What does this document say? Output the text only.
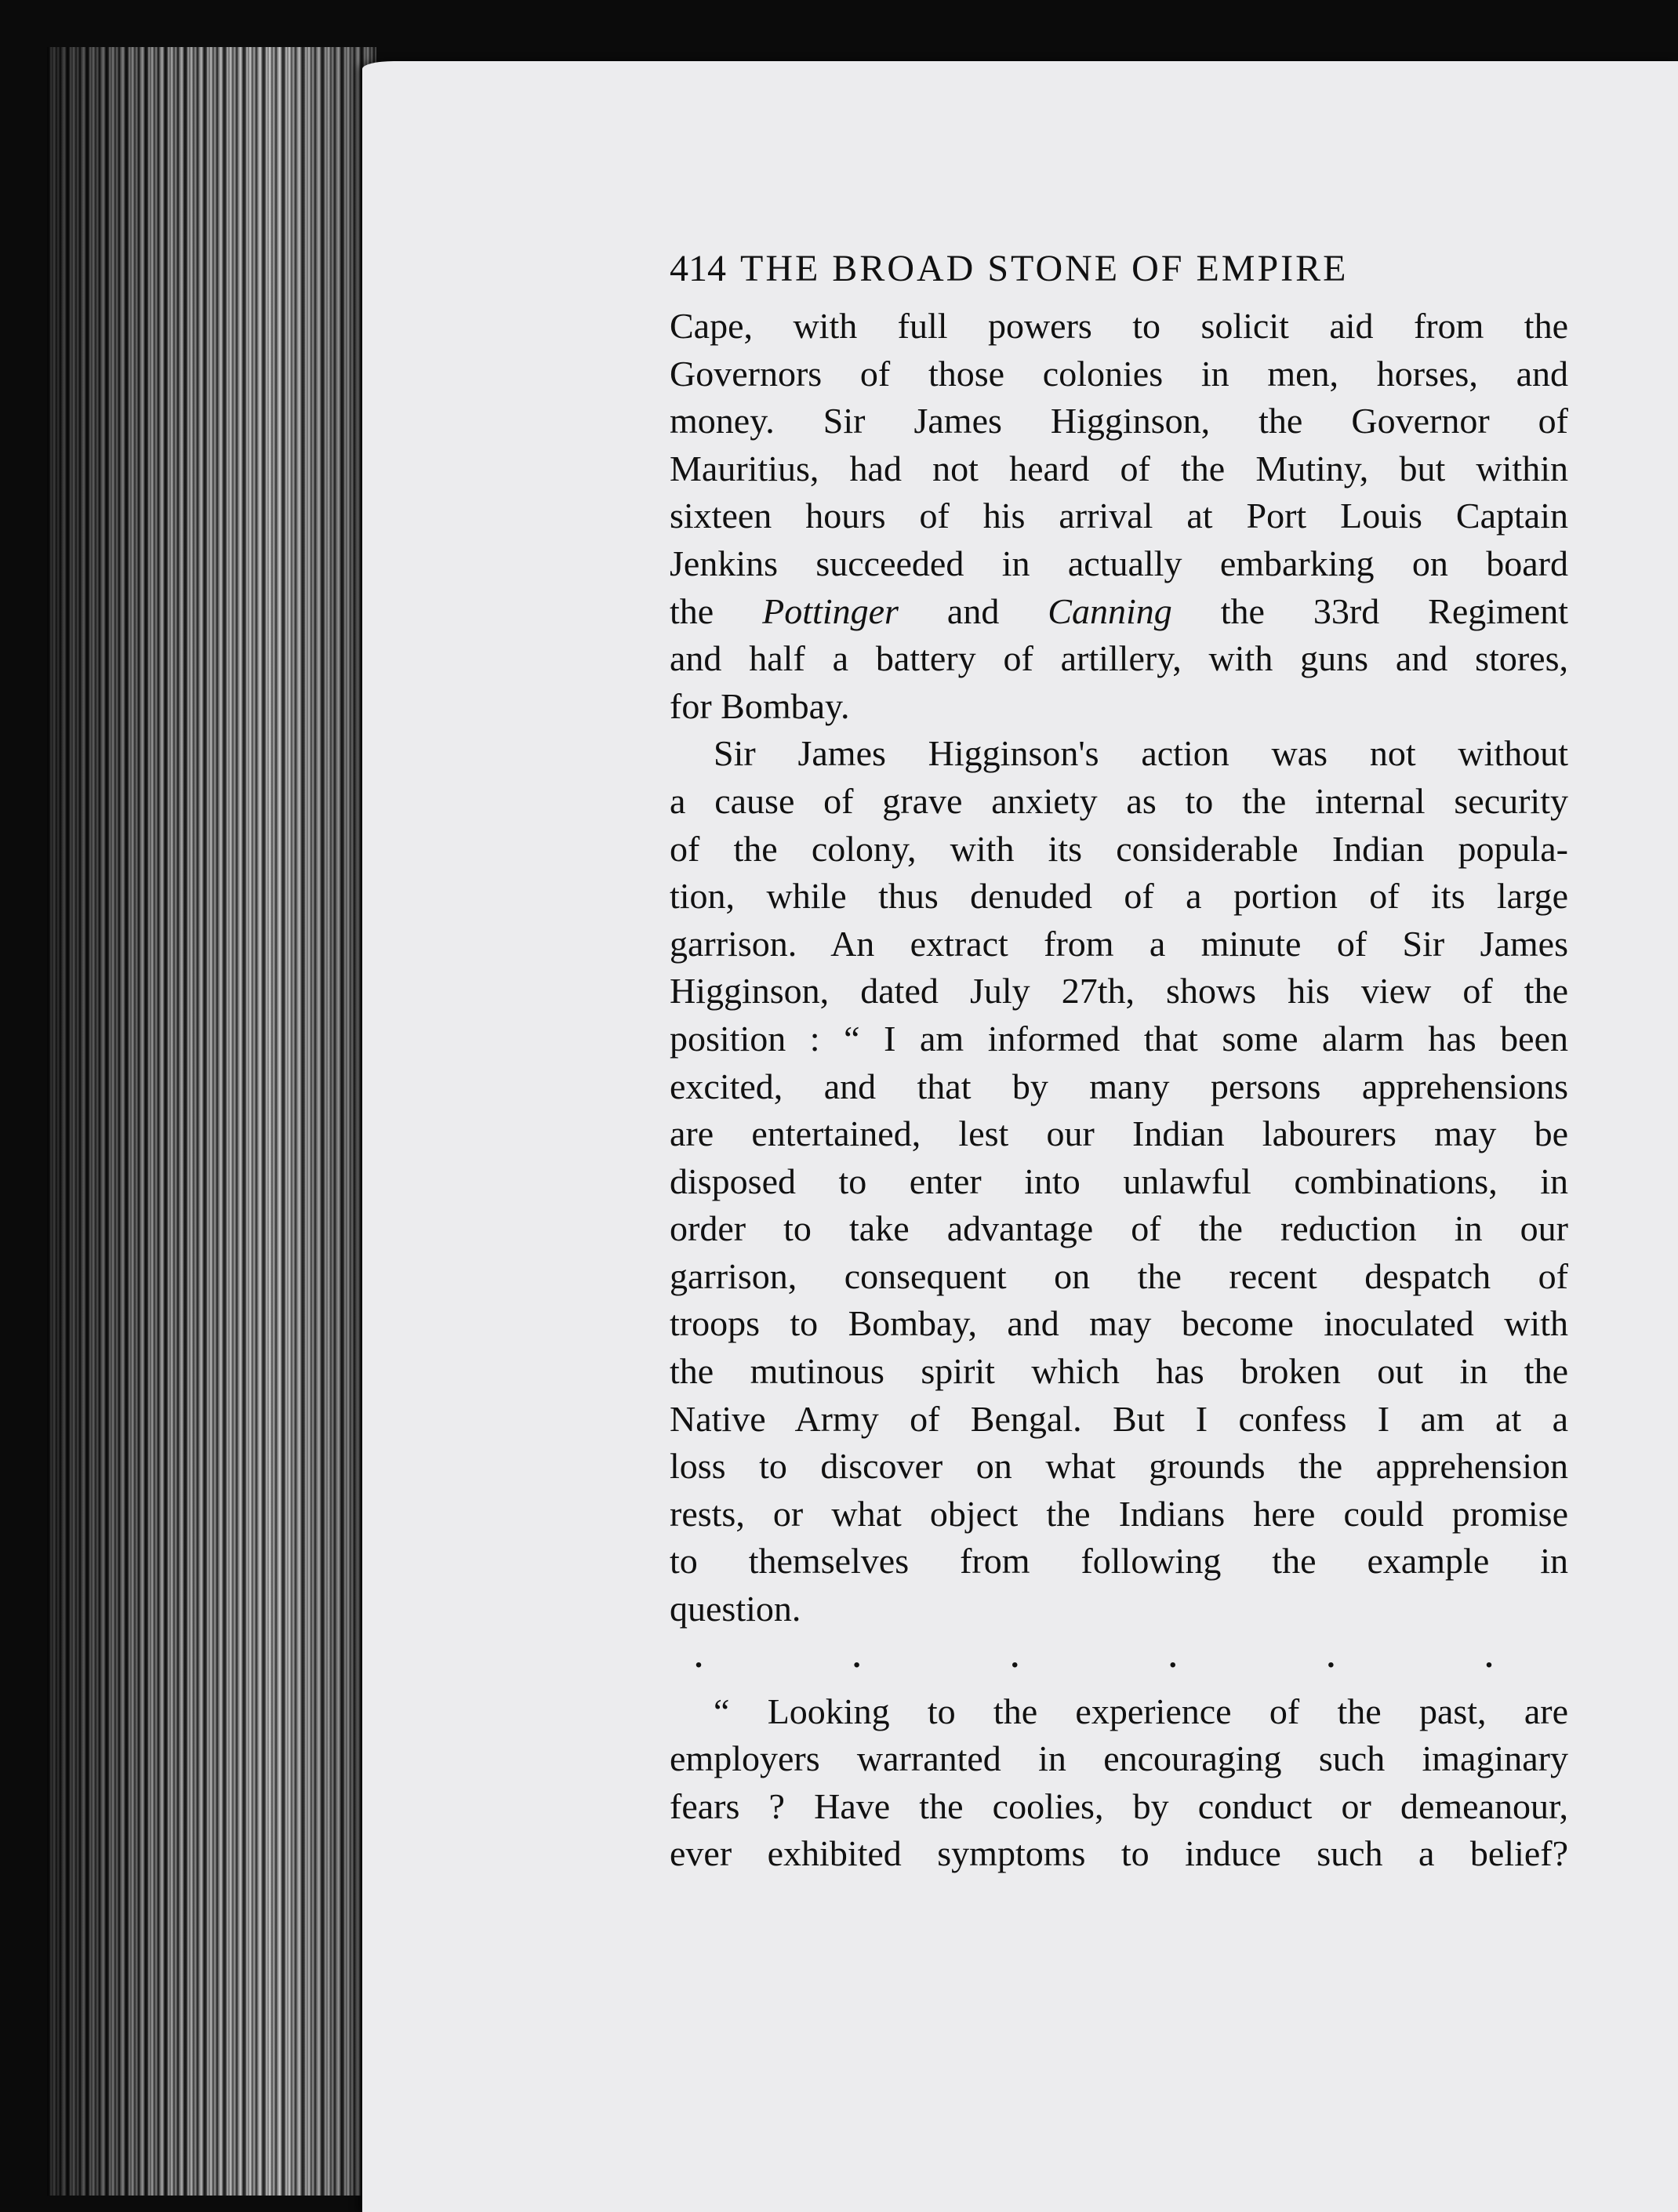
414 THE BROAD STONE OF EMPIRE
Cape, with full powers to solicit aid from the
Governors of those colonies in men, horses, and
money. Sir James Higginson, the Governor of
Mauritius, had not heard of the Mutiny, but within
sixteen hours of his arrival at Port Louis Captain
Jenkins succeeded in actually embarking on board
the Pottinger and Canning the 33rd Regiment
and half a battery of artillery, with guns and stores,
for Bombay.
Sir James Higginson's action was not without
a cause of grave anxiety as to the internal security
of the colony, with its considerable Indian popula-
tion, while thus denuded of a portion of its large
garrison. An extract from a minute of Sir James
Higginson, dated July 27th, shows his view of the
position : “ I am informed that some alarm has been
excited, and that by many persons apprehensions
are entertained, lest our Indian labourers may be
disposed to enter into unlawful combinations, in
order to take advantage of the reduction in our
garrison, consequent on the recent despatch of
troops to Bombay, and may become inoculated with
the mutinous spirit which has broken out in the
Native Army of Bengal. But I confess I am at a
loss to discover on what grounds the apprehension
rests, or what object the Indians here could promise
to themselves from following the example in
question.
.	.	.	.	.	.
“ Looking to the experience of the past, are
employers warranted in encouraging such imaginary
fears ? Have the coolies, by conduct or demeanour,
ever exhibited symptoms to induce such a belief?
